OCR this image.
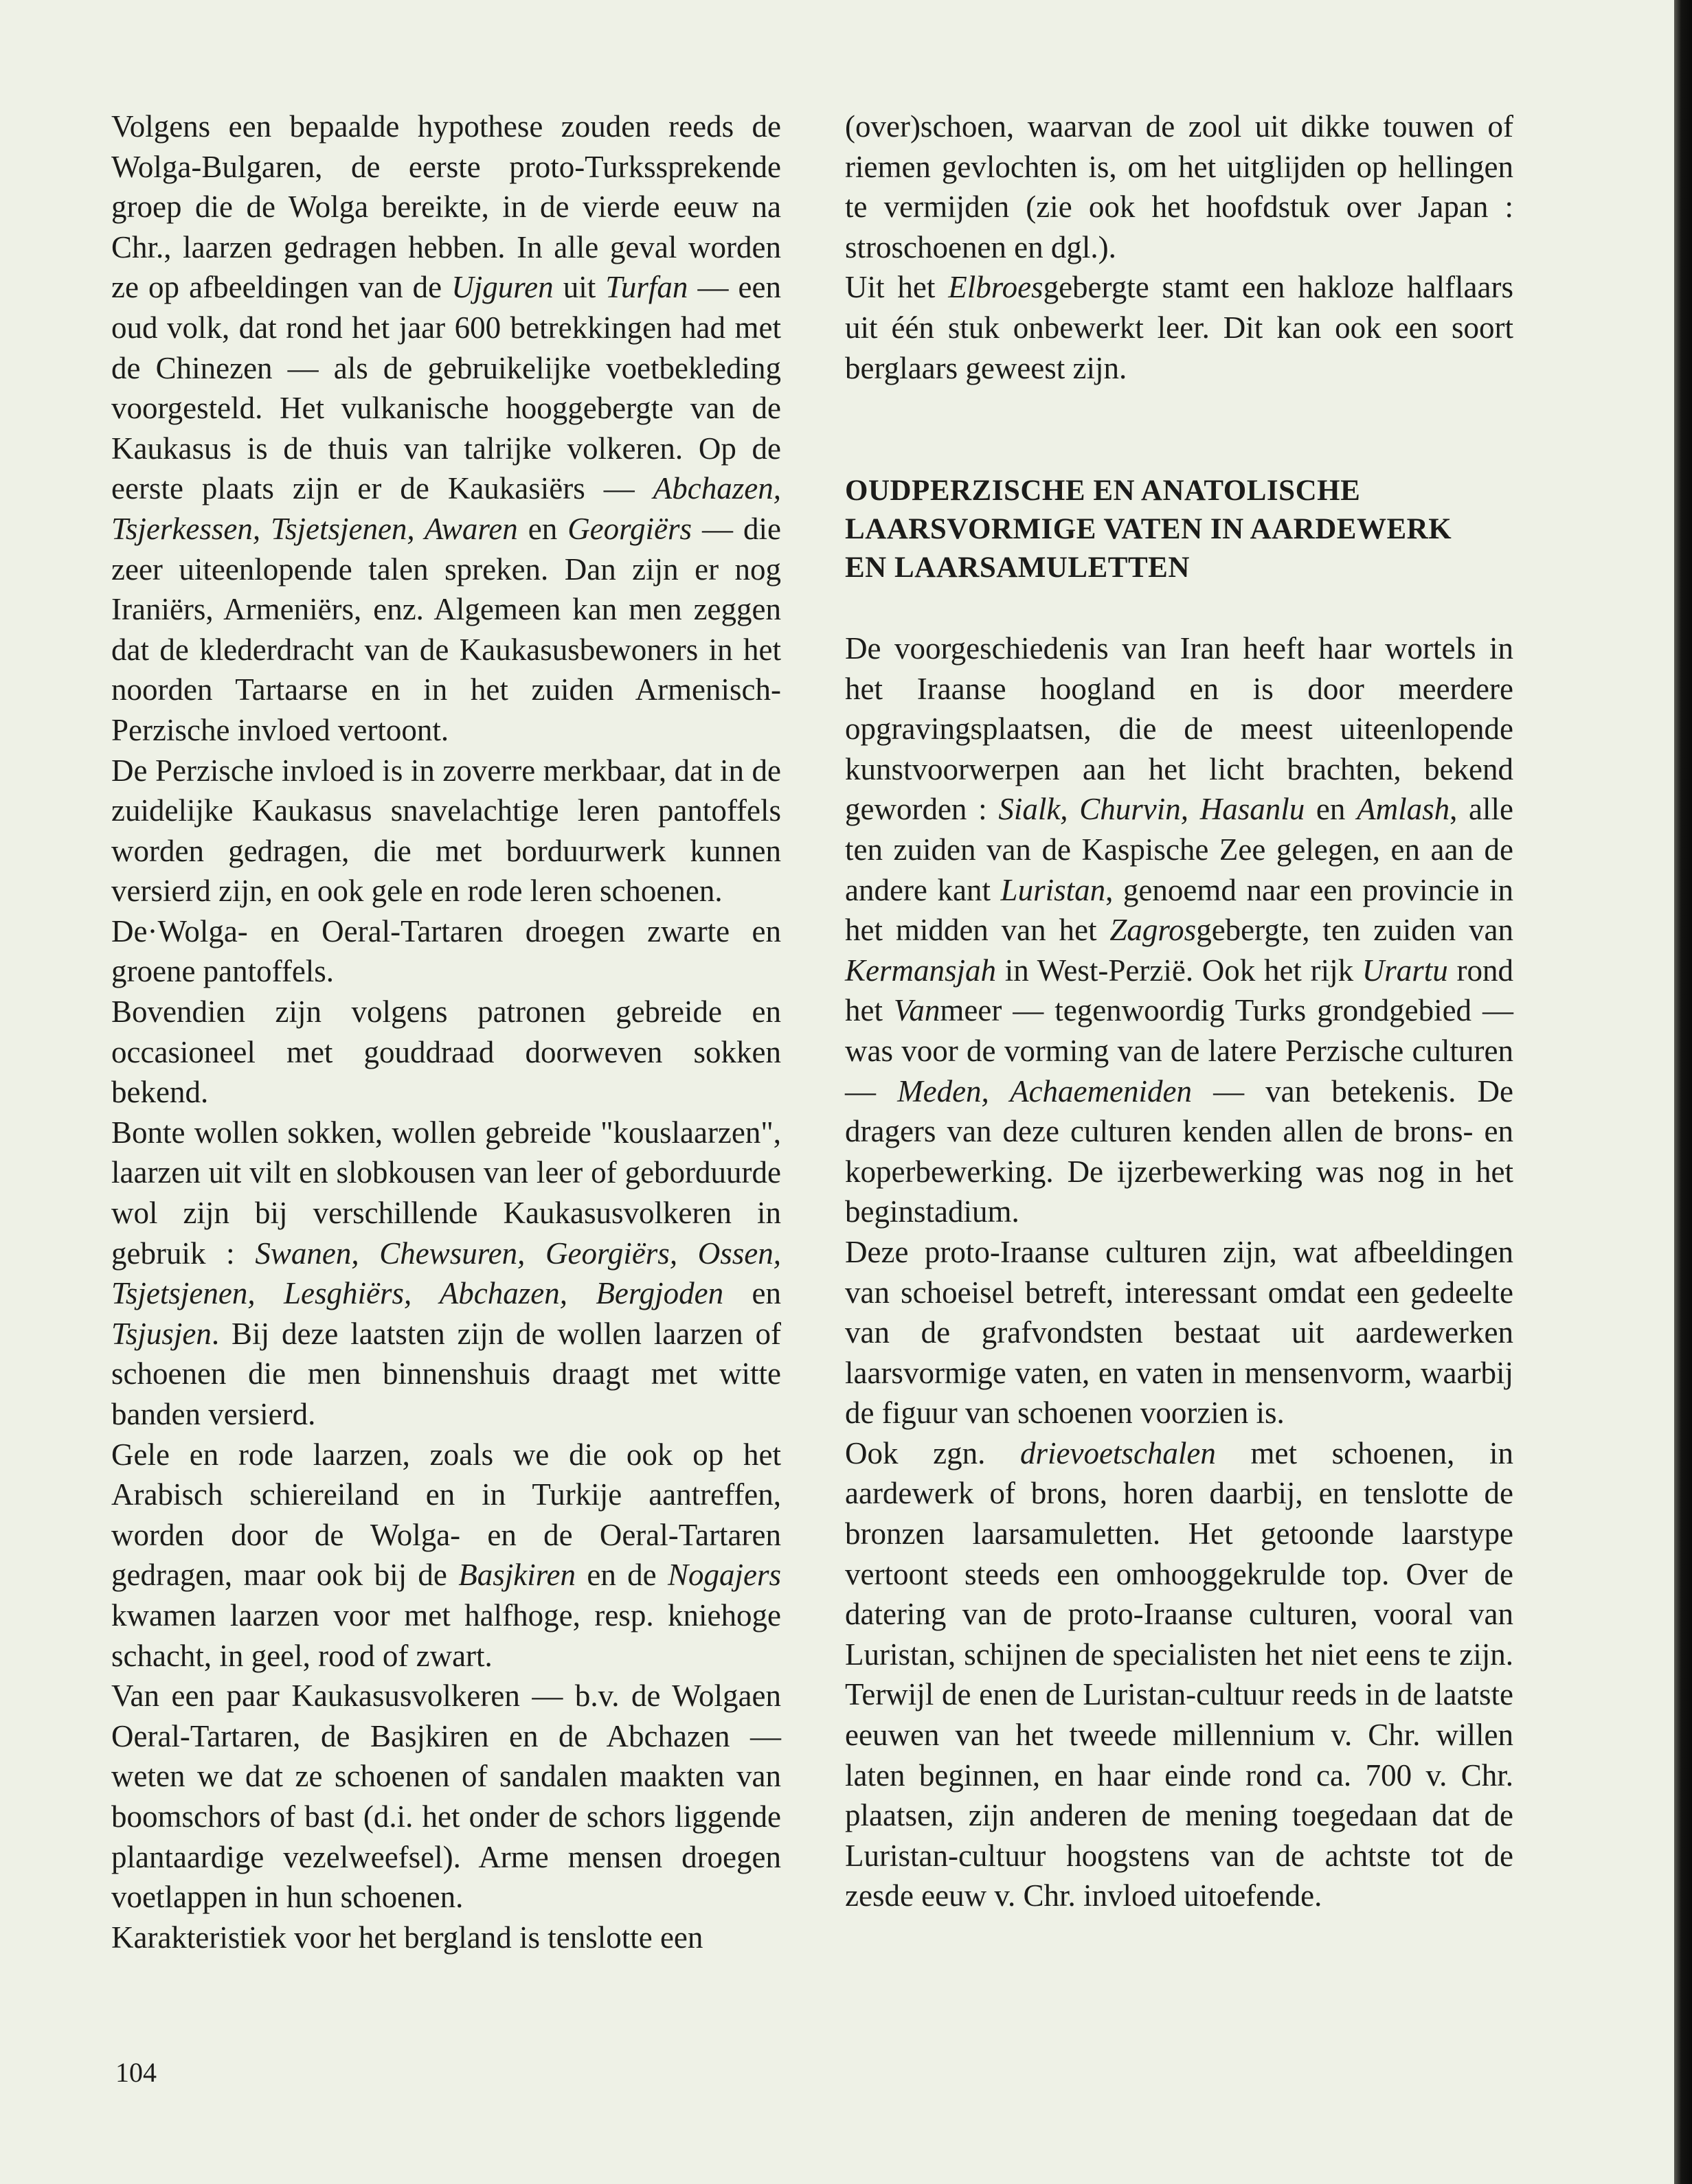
Volgens een bepaalde hypothese zouden reeds de Wolga-Bulgaren, de eerste proto-Turkssprekende groep die de Wolga bereikte, in de vierde eeuw na Chr., laarzen gedragen hebben. In alle geval worden ze op afbeeldingen van de Ujguren uit Turfan — een oud volk, dat rond het jaar 600 betrekkingen had met de Chinezen — als de gebruikelijke voetbekleding voorgesteld. Het vulkanische hooggebergte van de Kaukasus is de thuis van talrijke volkeren. Op de eerste plaats zijn er de Kaukasiërs — Abchazen, Tsjerkessen, Tsjetsjenen, Awaren en Georgiërs — die zeer uiteenlopende talen spreken. Dan zijn er nog Iraniërs, Armeniërs, enz. Algemeen kan men zeggen dat de klederdracht van de Kaukasusbewoners in het noorden Tartaarse en in het zuiden Armenisch-Perzische invloed vertoont.

De Perzische invloed is in zoverre merkbaar, dat in de zuidelijke Kaukasus snavelachtige leren pantoffels worden gedragen, die met borduurwerk kunnen versierd zijn, en ook gele en rode leren schoenen.

De·Wolga- en Oeral-Tartaren droegen zwarte en groene pantoffels.

Bovendien zijn volgens patronen gebreide en occasioneel met gouddraad doorweven sokken bekend.

Bonte wollen sokken, wollen gebreide "kouslaarzen", laarzen uit vilt en slobkousen van leer of geborduurde wol zijn bij verschillende Kaukasusvolkeren in gebruik : Swanen, Chewsuren, Georgiërs, Ossen, Tsjetsjenen, Lesghiërs, Abchazen, Bergjoden en Tsjusjen. Bij deze laatsten zijn de wollen laarzen of schoenen die men binnenshuis draagt met witte banden versierd.

Gele en rode laarzen, zoals we die ook op het Arabisch schiereiland en in Turkije aantreffen, worden door de Wolga- en de Oeral-Tartaren gedragen, maar ook bij de Basjkiren en de Nogajers kwamen laarzen voor met halfhoge, resp. kniehoge schacht, in geel, rood of zwart.

Van een paar Kaukasusvolkeren — b.v. de Wolgaen Oeral-Tartaren, de Basjkiren en de Abchazen — weten we dat ze schoenen of sandalen maakten van boomschors of bast (d.i. het onder de schors liggende plantaardige vezelweefsel). Arme mensen droegen voetlappen in hun schoenen.

Karakteristiek voor het bergland is tenslotte een

(over)schoen, waarvan de zool uit dikke touwen of riemen gevlochten is, om het uitglijden op hellingen te vermijden (zie ook het hoofdstuk over Japan : stroschoenen en dgl.).

Uit het Elbroesgebergte stamt een hakloze halflaars uit één stuk onbewerkt leer. Dit kan ook een soort berglaars geweest zijn.

OUDPERZISCHE EN ANATOLISCHE
LAARSVORMIGE VATEN IN AARDEWERK
EN LAARSAMULETTEN

De voorgeschiedenis van Iran heeft haar wortels in het Iraanse hoogland en is door meerdere opgravingsplaatsen, die de meest uiteenlopende kunstvoorwerpen aan het licht brachten, bekend geworden : Sialk, Churvin, Hasanlu en Amlash, alle ten zuiden van de Kaspische Zee gelegen, en aan de andere kant Luristan, genoemd naar een provincie in het midden van het Zagrosgebergte, ten zuiden van Kermansjah in West-Perzië. Ook het rijk Urartu rond het Vanmeer — tegenwoordig Turks grondgebied — was voor de vorming van de latere Perzische culturen — Meden, Achaemeniden — van betekenis. De dragers van deze culturen kenden allen de brons- en koperbewerking. De ijzerbewerking was nog in het beginstadium.

Deze proto-Iraanse culturen zijn, wat afbeeldingen van schoeisel betreft, interessant omdat een gedeelte van de grafvondsten bestaat uit aardewerken laarsvormige vaten, en vaten in mensenvorm, waarbij de figuur van schoenen voorzien is.

Ook zgn. drievoetschalen met schoenen, in aardewerk of brons, horen daarbij, en tenslotte de bronzen laarsamuletten. Het getoonde laarstype vertoont steeds een omhooggekrulde top. Over de datering van de proto-Iraanse culturen, vooral van Luristan, schijnen de specialisten het niet eens te zijn. Terwijl de enen de Luristan-cultuur reeds in de laatste eeuwen van het tweede millennium v. Chr. willen laten beginnen, en haar einde rond ca. 700 v. Chr. plaatsen, zijn anderen de mening toegedaan dat de Luristan-cultuur hoogstens van de achtste tot de zesde eeuw v. Chr. invloed uitoefende.

104
